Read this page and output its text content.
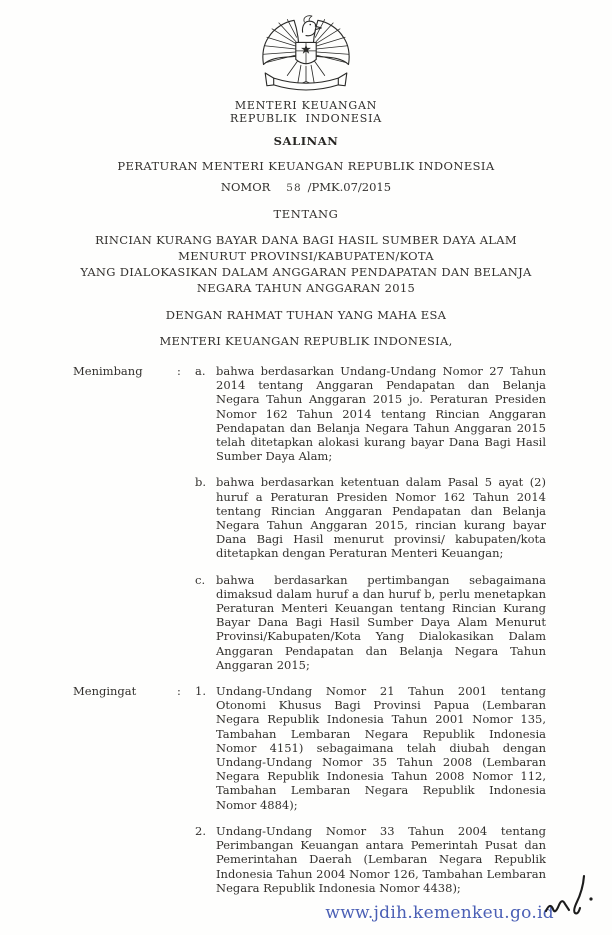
MENTERI KEUANGAN
REPUBLIK INDONESIA
SALINAN
PERATURAN MENTERI KEUANGAN REPUBLIK INDONESIA
NOMOR 58 /PMK.07/2015
TENTANG
RINCIAN KURANG BAYAR DANA BAGI HASIL SUMBER DAYA ALAM
MENURUT PROVINSI/KABUPATEN/KOTA
YANG DIALOKASIKAN DALAM ANGGARAN PENDAPATAN DAN BELANJA
NEGARA TAHUN ANGGARAN 2015
DENGAN RAHMAT TUHAN YANG MAHA ESA
MENTERI KEUANGAN REPUBLIK INDONESIA,
Menimbang	:	a. bahwa berdasarkan Undang-Undang Nomor 27 Tahun 2014 tentang Anggaran Pendapatan dan Belanja Negara Tahun Anggaran 2015 jo. Peraturan Presiden Nomor 162 Tahun 2014 tentang Rincian Anggaran Pendapatan dan Belanja Negara Tahun Anggaran 2015 telah ditetapkan alokasi kurang bayar Dana Bagi Hasil Sumber Daya Alam;
b. bahwa berdasarkan ketentuan dalam Pasal 5 ayat (2) huruf a Peraturan Presiden Nomor 162 Tahun 2014 tentang Rincian Anggaran Pendapatan dan Belanja Negara Tahun Anggaran 2015, rincian kurang bayar Dana Bagi Hasil menurut provinsi/ kabupaten/kota ditetapkan dengan Peraturan Menteri Keuangan;
c. bahwa berdasarkan pertimbangan sebagaimana dimaksud dalam huruf a dan huruf b, perlu menetapkan Peraturan Menteri Keuangan tentang Rincian Kurang Bayar Dana Bagi Hasil Sumber Daya Alam Menurut Provinsi/Kabupaten/Kota Yang Dialokasikan Dalam Anggaran Pendapatan dan Belanja Negara Tahun Anggaran 2015;
Mengingat	:	1. Undang-Undang Nomor 21 Tahun 2001 tentang Otonomi Khusus Bagi Provinsi Papua (Lembaran Negara Republik Indonesia Tahun 2001 Nomor 135, Tambahan Lembaran Negara Republik Indonesia Nomor 4151) sebagaimana telah diubah dengan Undang-Undang Nomor 35 Tahun 2008 (Lembaran Negara Republik Indonesia Tahun 2008 Nomor 112, Tambahan Lembaran Negara Republik Indonesia Nomor 4884);
2. Undang-Undang Nomor 33 Tahun 2004 tentang Perimbangan Keuangan antara Pemerintah Pusat dan Pemerintahan Daerah (Lembaran Negara Republik Indonesia Tahun 2004 Nomor 126, Tambahan Lembaran Negara Republik Indonesia Nomor 4438);
www.jdih.kemenkeu.go.id
